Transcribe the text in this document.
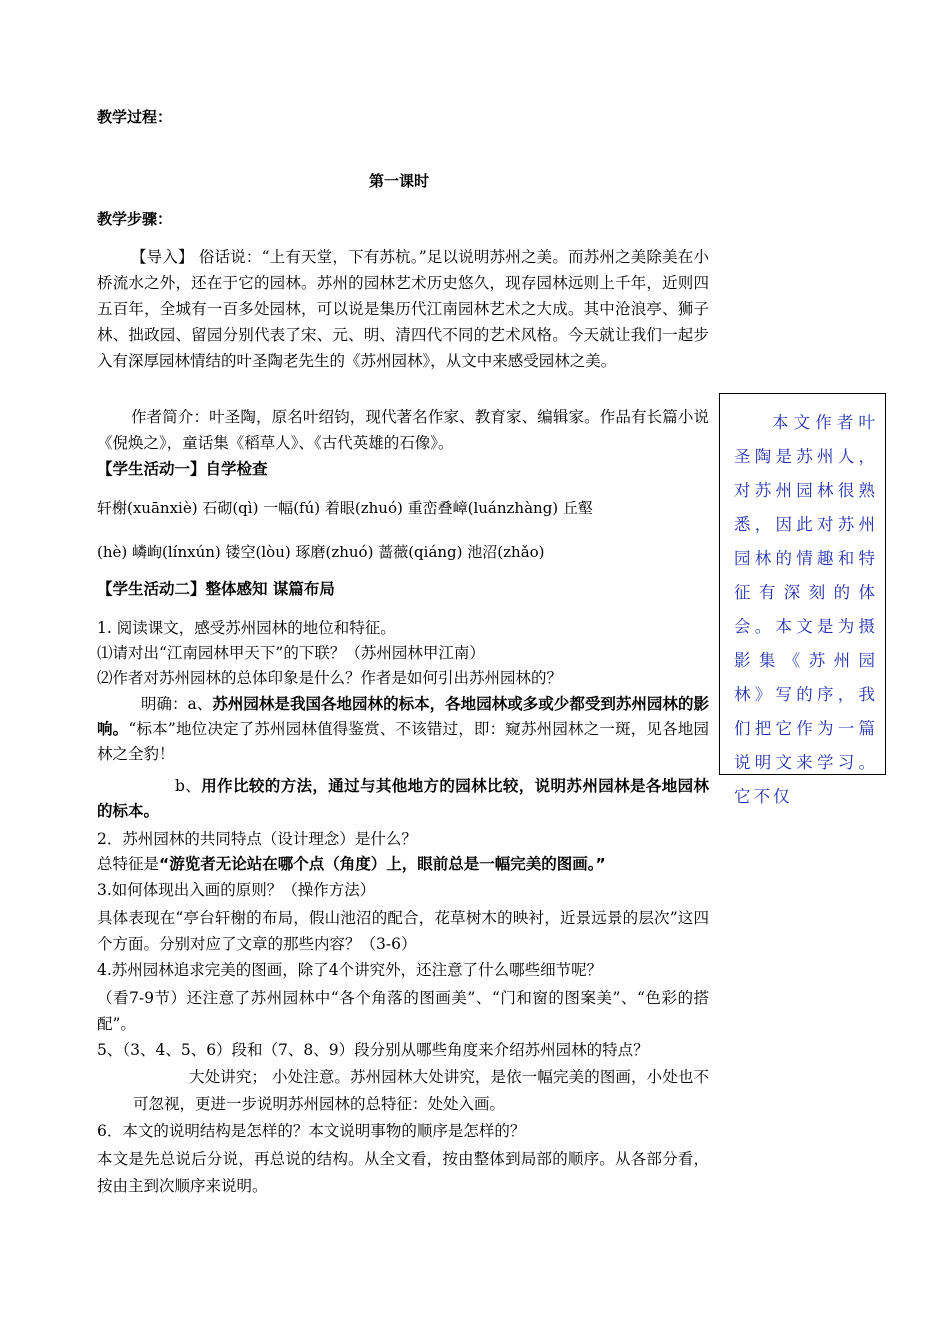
教学过程：
第一课时
教学步骤：
【导入】 俗话说：“上有天堂，下有苏杭。”足以说明苏州之美。而苏州之美除美在小桥流水之外，还在于它的园林。苏州的园林艺术历史悠久，现存园林远则上千年，近则四五百年，全城有一百多处园林，可以说是集历代江南园林艺术之大成。其中沧浪亭、狮子林、拙政园、留园分别代表了宋、元、明、清四代不同的艺术风格。今天就让我们一起步入有深厚园林情结的叶圣陶老先生的《苏州园林》，从文中来感受园林之美。
作者简介：叶圣陶，原名叶绍钧，现代著名作家、教育家、编辑家。作品有长篇小说《倪焕之》，童话集《稻草人》、《古代英雄的石像》。
【学生活动一】自学检查
轩榭(xuānxiè) 石砌(qì) 一幅(fú) 着眼(zhuó) 重峦叠嶂(luánzhàng) 丘壑
(hè) 嶙峋(línxún) 镂空(lòu) 琢磨(zhuó) 蔷薇(qiáng) 池沼(zhǎo)
【学生活动二】整体感知 谋篇布局
1. 阅读课文，感受苏州园林的地位和特征。
⑴请对出“江南园林甲天下”的下联？（苏州园林甲江南）
⑵作者对苏州园林的总体印象是什么？作者是如何引出苏州园林的？
明确：a、苏州园林是我国各地园林的标本，各地园林或多或少都受到苏州园林的影响。“标本”地位决定了苏州园林值得鉴赏、不该错过，即：窥苏州园林之一斑，见各地园林之全豹！
b、用作比较的方法，通过与其他地方的园林比较，说明苏州园林是各地园林的标本。
2．苏州园林的共同特点（设计理念）是什么？
总特征是“游览者无论站在哪个点（角度）上，眼前总是一幅完美的图画。”
3.如何体现出入画的原则？（操作方法）
具体表现在“亭台轩榭的布局，假山池沼的配合，花草树木的映衬，近景远景的层次”这四个方面。分别对应了文章的那些内容？（3-6）
4.苏州园林追求完美的图画，除了4个讲究外，还注意了什么哪些细节呢？
（看7-9节）还注意了苏州园林中“各个角落的图画美”、“门和窗的图案美”、“色彩的搭配”。
5、（3、4、5、6）段和（7、8、9）段分别从哪些角度来介绍苏州园林的特点？
大处讲究； 小处注意。苏州园林大处讲究，是依一幅完美的图画，小处也不可忽视，更进一步说明苏州园林的总特征：处处入画。
6．本文的说明结构是怎样的？本文说明事物的顺序是怎样的？
本文是先总说后分说，再总说的结构。从全文看，按由整体到局部的顺序。从各部分看，按由主到次顺序来说明。
本文作者叶圣陶是苏州人，对苏州园林很熟悉，因此对苏州园林的情趣和特征有深刻的体会。本文是为摄影集《苏州园林》写的序，我们把它作为一篇说明文来学习。它不仅
